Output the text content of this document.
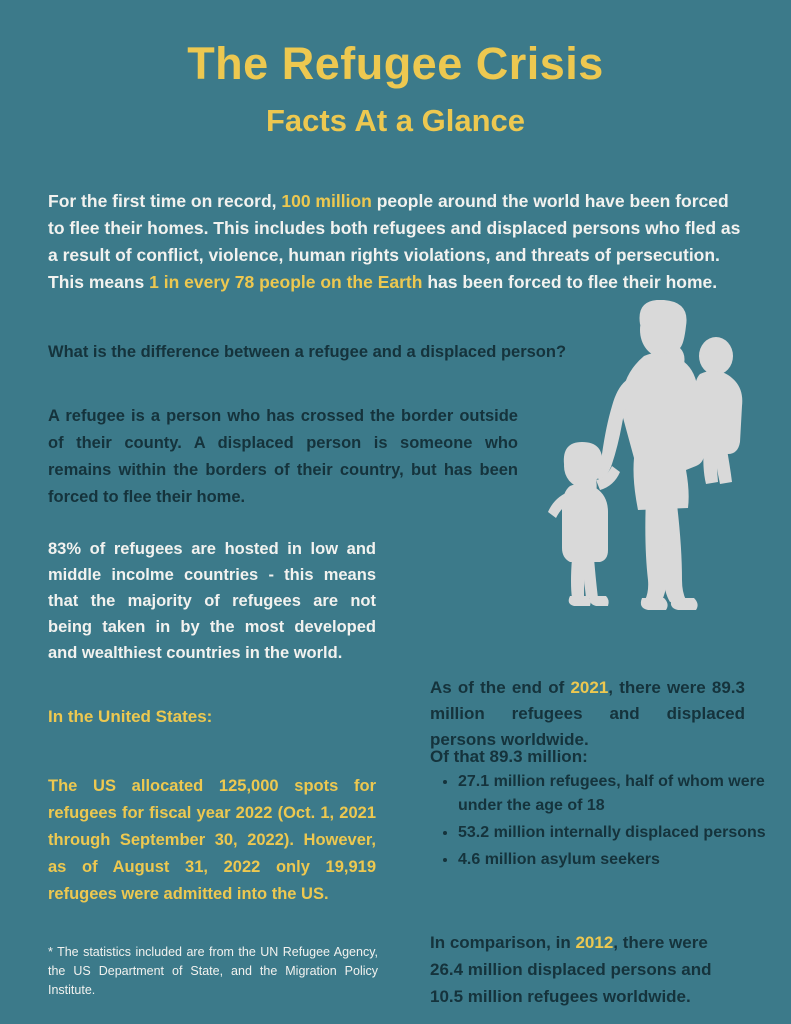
The Refugee Crisis
Facts At a Glance

For the first time on record, 100 million people around the world have been forced to flee their homes. This includes both refugees and displaced persons who fled as a result of conflict, violence, human rights violations, and threats of persecution. This means 1 in every 78 people on the Earth has been forced to flee their home.

What is the difference between a refugee and a displaced person?

A refugee is a person who has crossed the border outside of their county. A displaced person is someone who remains within the borders of their country, but has been forced to flee their home.

83% of refugees are hosted in low and middle incolme countries - this means that the majority of refugees are not being taken in by the most developed and wealthiest countries in the world.

In the United States:

The US allocated 125,000 spots for refugees for fiscal year 2022 (Oct. 1, 2021 through September 30, 2022). However, as of August 31, 2022 only 19,919 refugees were admitted into the US.

* The statistics included are from the UN Refugee Agency, the US Department of State, and the Migration Policy Institute.

As of the end of 2021, there were 89.3 million refugees and displaced persons worldwide.

Of that 89.3 million:
• 27.1 million refugees, half of whom were under the age of 18
• 53.2 million internally displaced persons
• 4.6 million asylum seekers

In comparison, in 2012, there were 26.4 million displaced persons and 10.5 million refugees worldwide.
